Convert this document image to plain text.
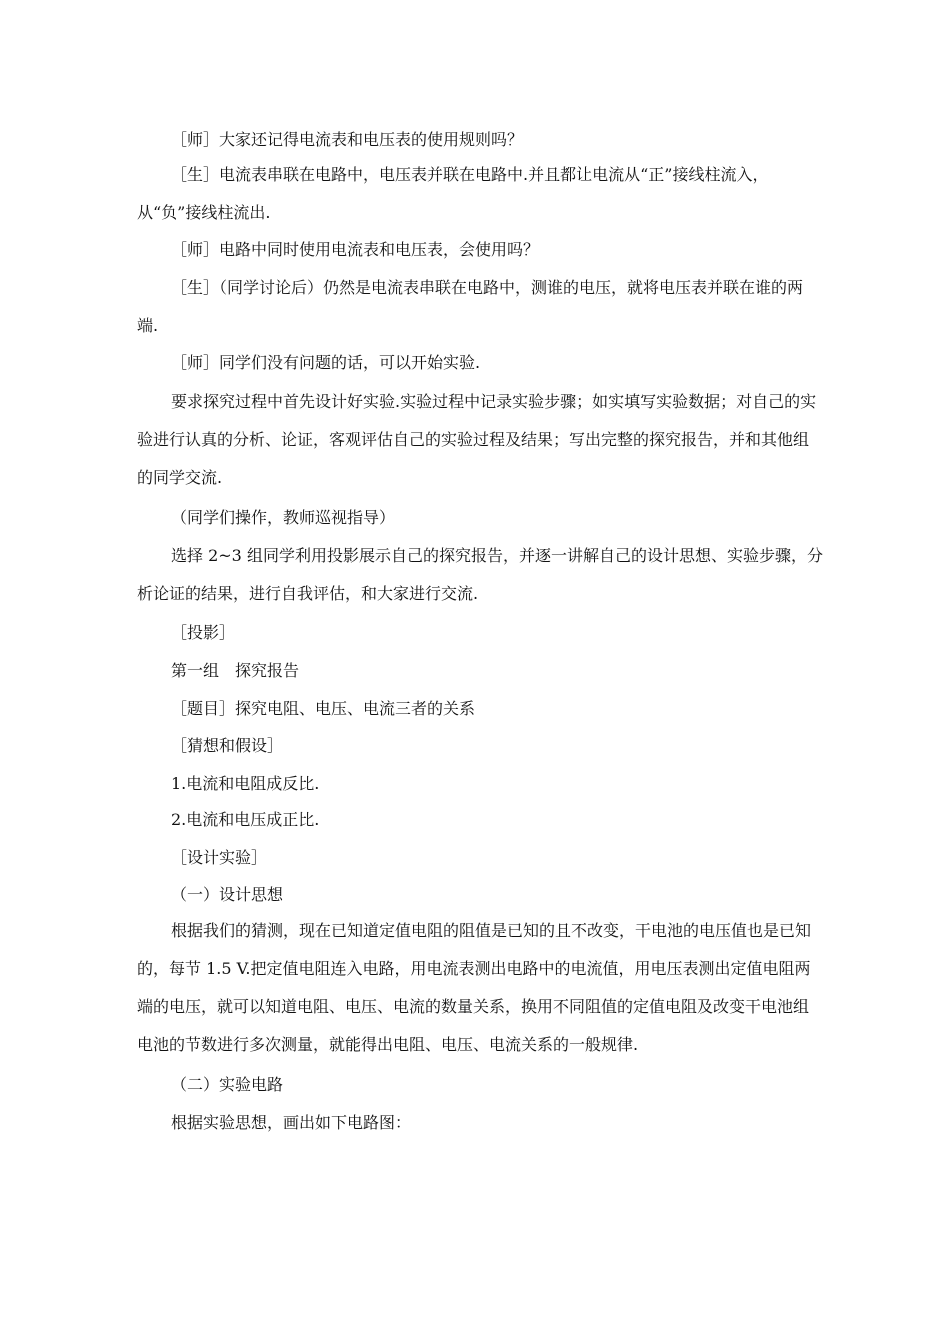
［师］大家还记得电流表和电压表的使用规则吗？

［生］电流表串联在电路中，电压表并联在电路中.并且都让电流从“正”接线柱流入，从“负”接线柱流出.

［师］电路中同时使用电流表和电压表，会使用吗？

［生］（同学讨论后）仍然是电流表串联在电路中，测谁的电压，就将电压表并联在谁的两端.

［师］同学们没有问题的话，可以开始实验.

要求探究过程中首先设计好实验.实验过程中记录实验步骤；如实填写实验数据；对自己的实验进行认真的分析、论证，客观评估自己的实验过程及结果；写出完整的探究报告，并和其他组的同学交流.

（同学们操作，教师巡视指导）

选择 2~3 组同学利用投影展示自己的探究报告，并逐一讲解自己的设计思想、实验步骤，分析论证的结果，进行自我评估，和大家进行交流.

［投影］

第一组　探究报告

［题目］探究电阻、电压、电流三者的关系

［猜想和假设］

1.电流和电阻成反比.

2.电流和电压成正比.

［设计实验］

（一）设计思想

根据我们的猜测，现在已知道定值电阻的阻值是已知的且不改变，干电池的电压值也是已知的，每节 1.5 V.把定值电阻连入电路，用电流表测出电路中的电流值，用电压表测出定值电阻两端的电压，就可以知道电阻、电压、电流的数量关系，换用不同阻值的定值电阻及改变干电池组电池的节数进行多次测量，就能得出电阻、电压、电流关系的一般规律.

（二）实验电路

根据实验思想，画出如下电路图：
